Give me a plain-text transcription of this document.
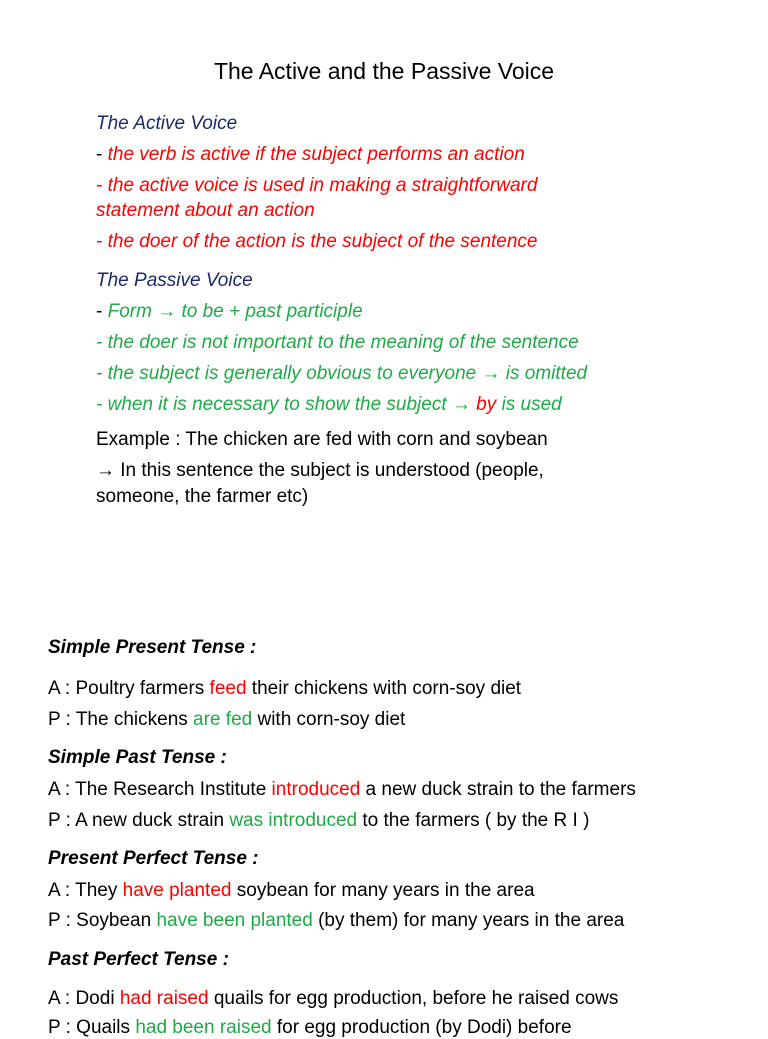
The Active and the Passive Voice
The Active Voice
- the verb is active if the subject performs an action
- the active voice is used in making a straightforward
statement about an action
- the doer of the action is the subject of the sentence
The Passive Voice
- Form → to be + past participle
- the doer is not important to the meaning of the sentence
- the subject is generally obvious to everyone → is omitted
- when it is necessary to show the subject → by is used
Example : The chicken are fed with corn and soybean
→ In this sentence the subject is understood (people,
someone, the farmer etc)
Simple Present Tense :
A : Poultry farmers feed their chickens with corn-soy diet
P : The chickens are fed with corn-soy diet
Simple Past Tense :
A : The Research Institute introduced a new duck strain to the farmers
P : A new duck strain was introduced to the farmers ( by the R I )
Present Perfect Tense :
A : They have planted soybean for many years in the area
P : Soybean have been planted (by them) for many years in the area
Past Perfect Tense :
A : Dodi had raised quails for egg production, before he raised cows
P : Quails had been raised for egg production (by Dodi) before
